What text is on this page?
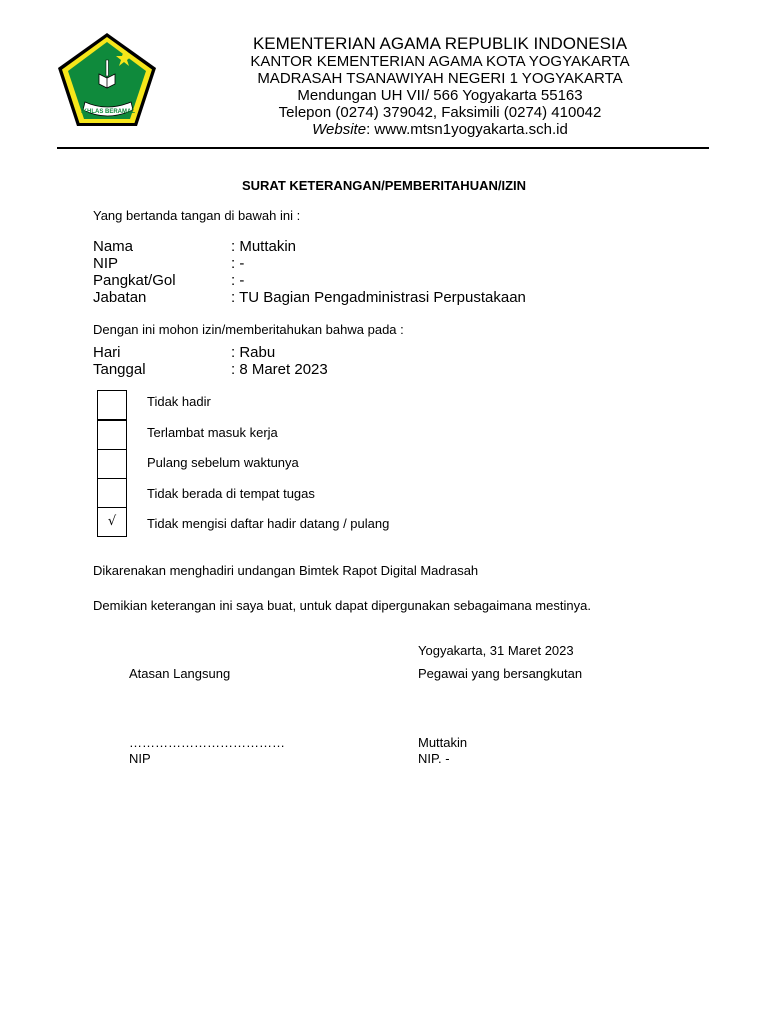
IKHLAS BERAMAL
KEMENTERIAN AGAMA REPUBLIK INDONESIA
KANTOR KEMENTERIAN AGAMA KOTA YOGYAKARTA
MADRASAH TSANAWIYAH NEGERI 1 YOGYAKARTA
Mendungan UH VII/ 566 Yogyakarta 55163
Telepon (0274) 379042, Faksimili (0274) 410042
Website: www.mtsn1yogyakarta.sch.id
SURAT KETERANGAN/PEMBERITAHUAN/IZIN
Yang bertanda tangan di bawah ini :
Nama	: Muttakin
NIP	: -
Pangkat/Gol	: -
Jabatan	: TU Bagian Pengadministrasi Perpustakaan
Dengan ini mohon izin/memberitahukan bahwa pada :
Hari	: Rabu
Tanggal	: 8 Maret 2023
Tidak hadir
Terlambat masuk kerja
Pulang sebelum waktunya
Tidak berada di tempat tugas
√	Tidak mengisi daftar hadir datang / pulang
Dikarenakan menghadiri undangan Bimtek Rapot Digital Madrasah
Demikian keterangan ini saya buat, untuk dapat dipergunakan sebagaimana mestinya.
Yogyakarta, 31 Maret 2023
Atasan Langsung	Pegawai yang bersangkutan
………………………………	Muttakin
NIP	NIP. -
